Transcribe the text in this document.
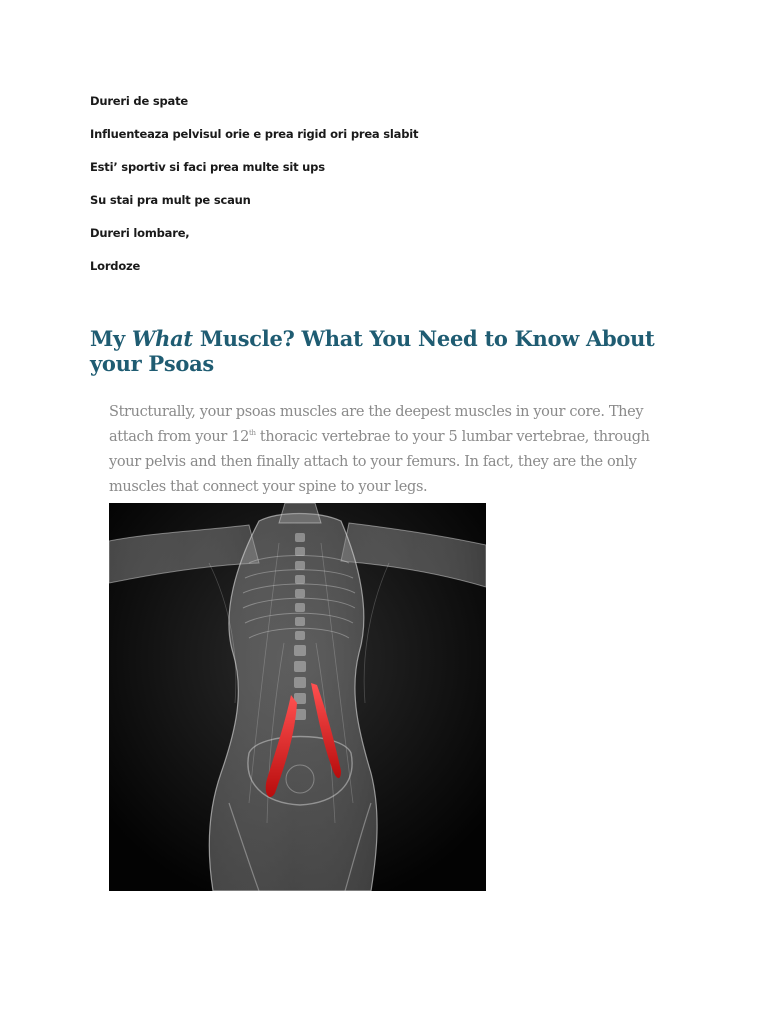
Dureri de spate
Influenteaza pelvisul orie e prea rigid ori prea slabit
Esti’ sportiv si faci prea multe sit ups
Su stai pra mult pe scaun
Dureri lombare,
Lordoze
My What Muscle? What You Need to Know About your Psoas

Structurally, your psoas muscles are the deepest muscles in your core. They attach from your 12th thoracic vertebrae to your 5 lumbar vertebrae, through your pelvis and then finally attach to your femurs. In fact, they are the only muscles that connect your spine to your legs.
